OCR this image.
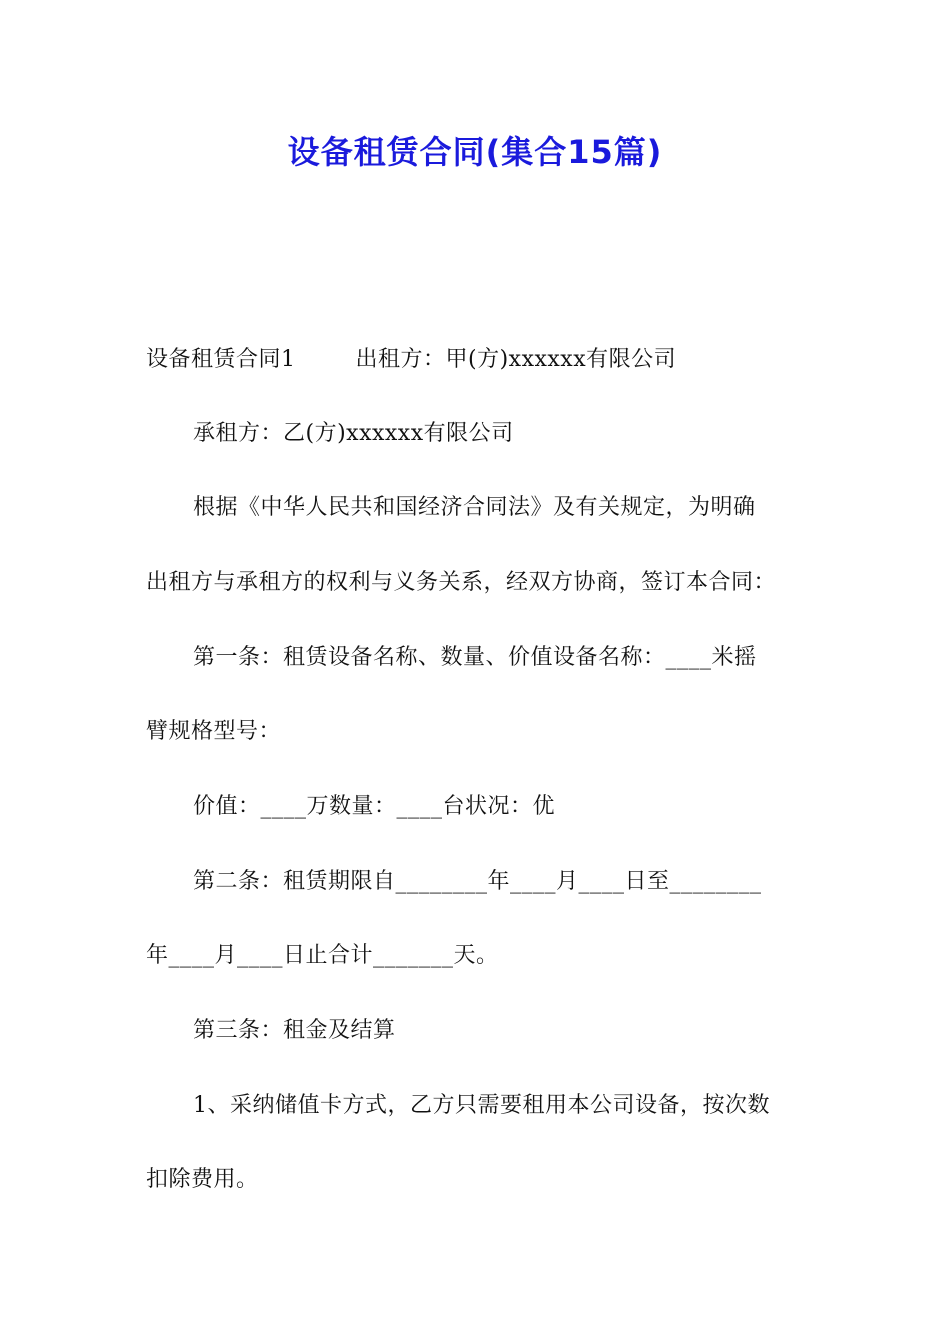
设备租赁合同(集合15篇)
设备租赁合同1	出租方：甲(方)xxxxxx有限公司
承租方：乙(方)xxxxxx有限公司
根据《中华人民共和国经济合同法》及有关规定，为明确
出租方与承租方的权利与义务关系，经双方协商，签订本合同：
第一条：租赁设备名称、数量、价值设备名称：____米摇
臂规格型号：
价值：____万数量：____台状况：优
第二条：租赁期限自________年____月____日至________
年____月____日止合计_______天。
第三条：租金及结算
1、采纳储值卡方式，乙方只需要租用本公司设备，按次数
扣除费用。
